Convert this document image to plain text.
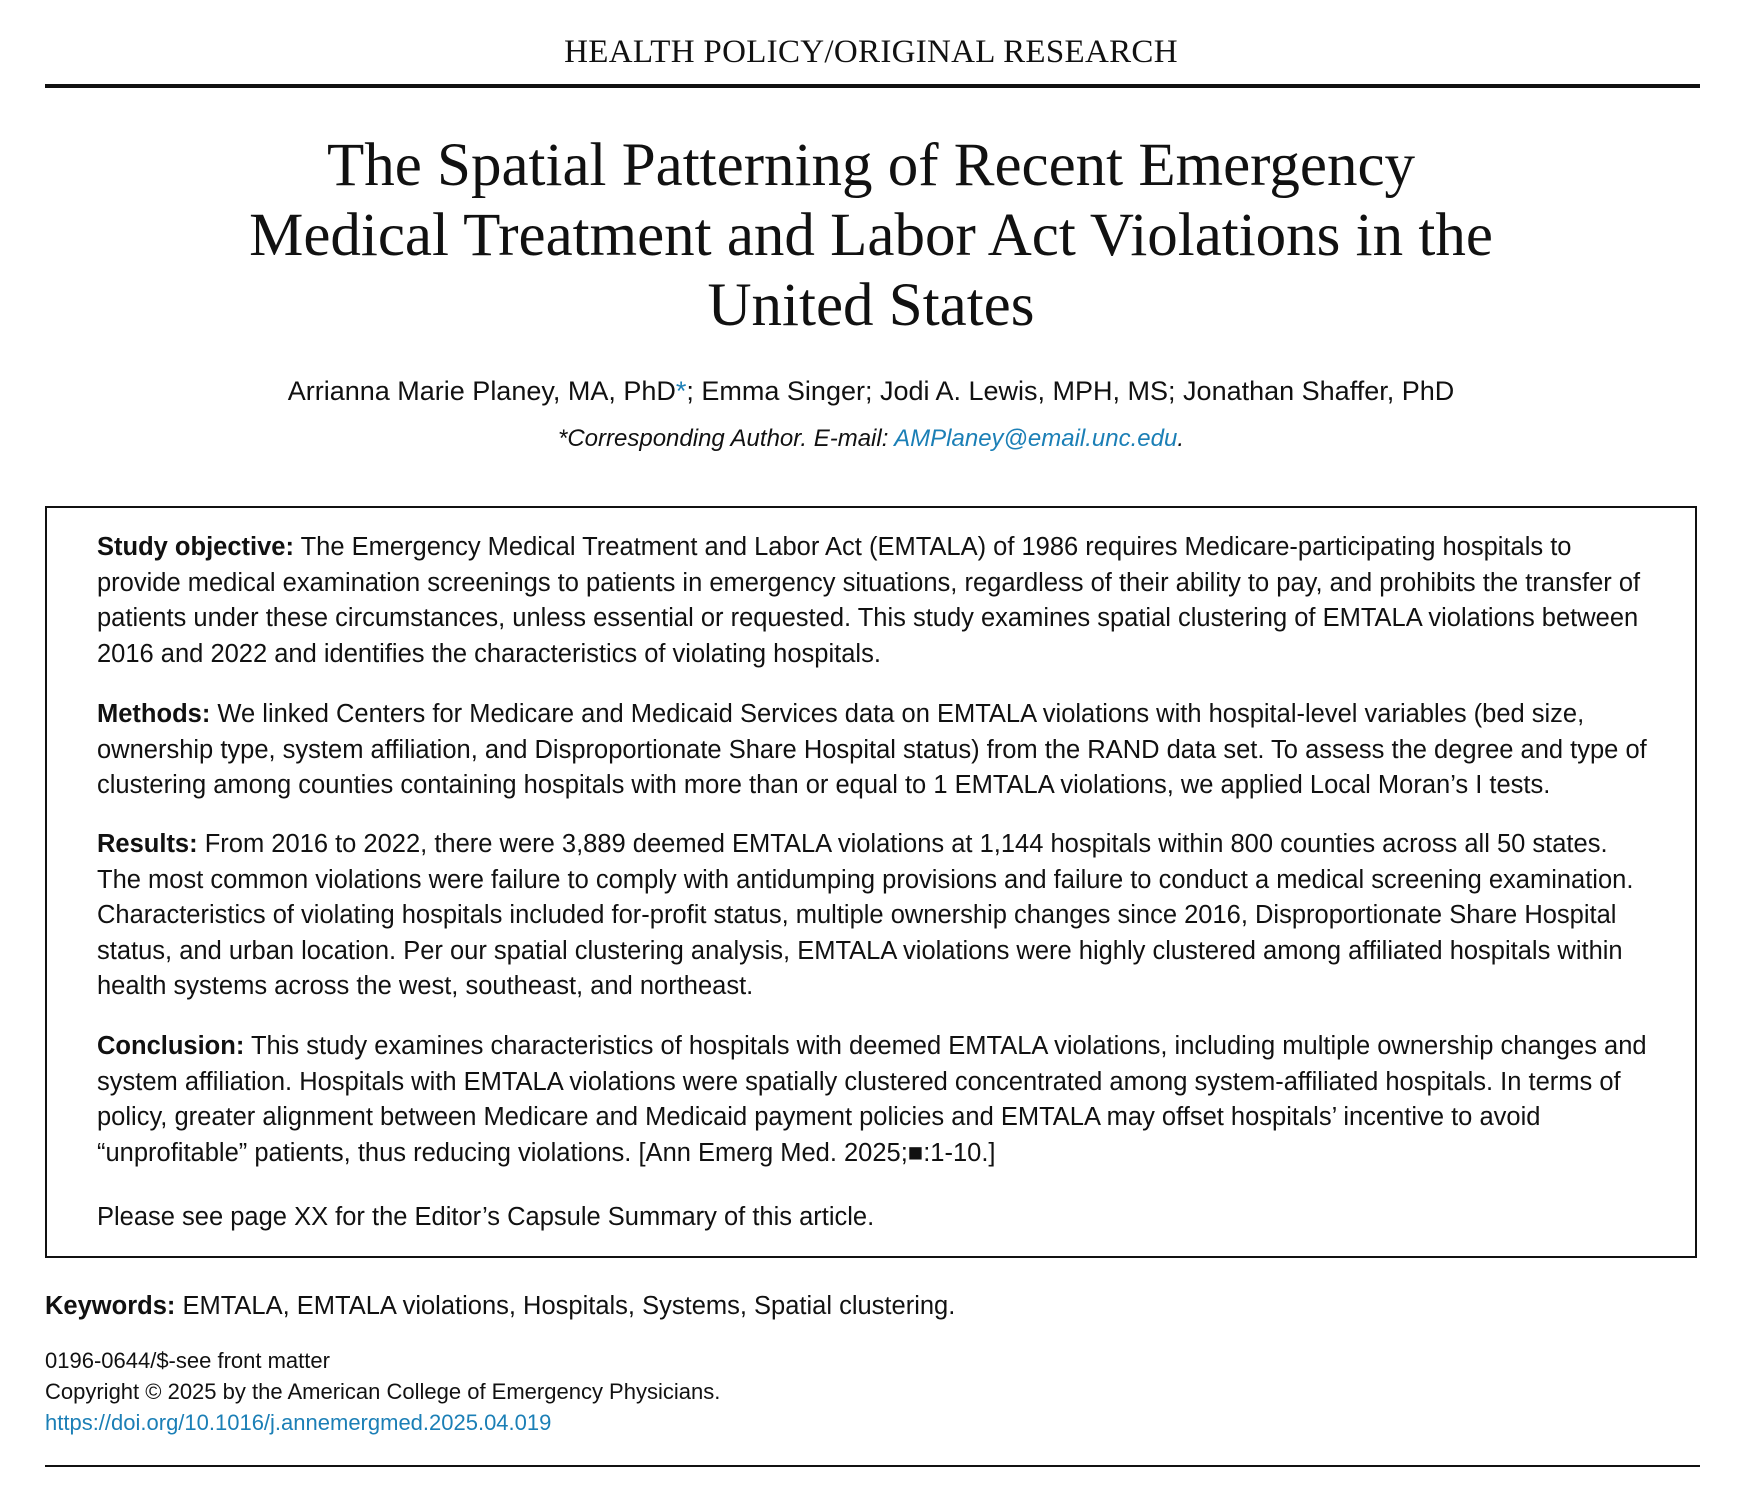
HEALTH POLICY/ORIGINAL RESEARCH
The Spatial Patterning of Recent Emergency
Medical Treatment and Labor Act Violations in the
United States
Arrianna Marie Planey, MA, PhD*; Emma Singer; Jodi A. Lewis, MPH, MS; Jonathan Shaffer, PhD
*Corresponding Author. E-mail: AMPlaney@email.unc.edu.

Study objective: The Emergency Medical Treatment and Labor Act (EMTALA) of 1986 requires Medicare-participating hospitals to provide medical examination screenings to patients in emergency situations, regardless of their ability to pay, and prohibits the transfer of patients under these circumstances, unless essential or requested. This study examines spatial clustering of EMTALA violations between 2016 and 2022 and identifies the characteristics of violating hospitals.

Methods: We linked Centers for Medicare and Medicaid Services data on EMTALA violations with hospital-level variables (bed size, ownership type, system affiliation, and Disproportionate Share Hospital status) from the RAND data set. To assess the degree and type of clustering among counties containing hospitals with more than or equal to 1 EMTALA violations, we applied Local Moran’s I tests.

Results: From 2016 to 2022, there were 3,889 deemed EMTALA violations at 1,144 hospitals within 800 counties across all 50 states. The most common violations were failure to comply with antidumping provisions and failure to conduct a medical screening examination. Characteristics of violating hospitals included for-profit status, multiple ownership changes since 2016, Disproportionate Share Hospital status, and urban location. Per our spatial clustering analysis, EMTALA violations were highly clustered among affiliated hospitals within health systems across the west, southeast, and northeast.

Conclusion: This study examines characteristics of hospitals with deemed EMTALA violations, including multiple ownership changes and system affiliation. Hospitals with EMTALA violations were spatially clustered concentrated among system-affiliated hospitals. In terms of policy, greater alignment between Medicare and Medicaid payment policies and EMTALA may offset hospitals’ incentive to avoid “unprofitable” patients, thus reducing violations. [Ann Emerg Med. 2025;■:1-10.]

Please see page XX for the Editor’s Capsule Summary of this article.

Keywords: EMTALA, EMTALA violations, Hospitals, Systems, Spatial clustering.
0196-0644/$-see front matter
Copyright © 2025 by the American College of Emergency Physicians.
https://doi.org/10.1016/j.annemergmed.2025.04.019
